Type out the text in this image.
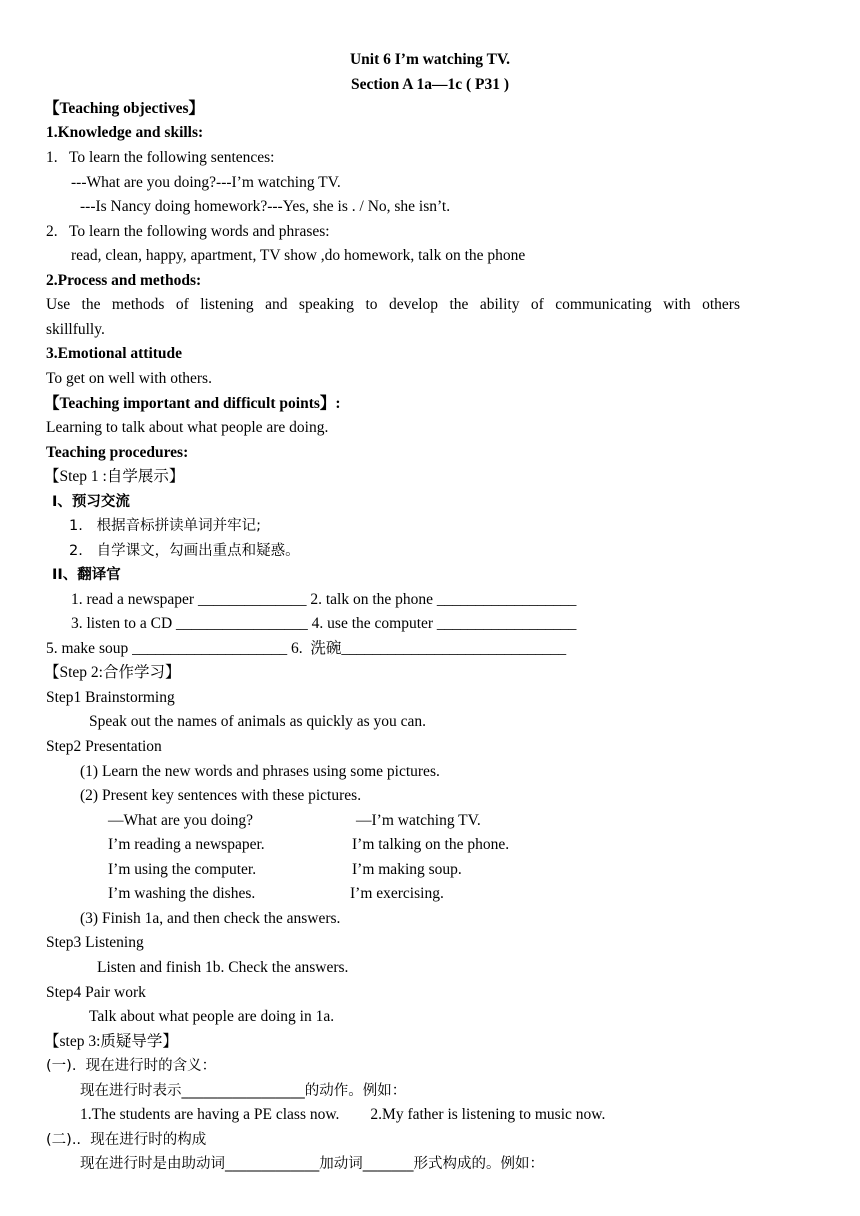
Unit 6 I’m watching TV.
Section A 1a—1c ( P31 )
【Teaching objectives】
1.Knowledge and skills:
1.   To learn the following sentences:
---What are you doing?---I’m watching TV.
---Is Nancy doing homework?---Yes, she is . / No, she isn’t.
2.   To learn the following words and phrases:
read, clean, happy, apartment, TV show ,do homework, talk on the phone
2.Process and methods:
Use the methods of listening and speaking to develop the ability of communicating with others
skillfully.
3.Emotional attitude
To get on well with others.
【Teaching important and difficult points】:
Learning to talk about what people are doing.
Teaching procedures:
【Step 1 :自学展示】
I、预习交流
1.   根据音标拼读单词并牢记;
2.   自学课文，勾画出重点和疑惑。
II、翻译官
1. read a newspaper ______________ 2. talk on the phone __________________
3. listen to a CD _________________ 4. use the computer __________________
5. make soup ____________________ 6.  洗碗_____________________________
【Step 2:合作学习】
Step1 Brainstorming
Speak out the names of animals as quickly as you can.
Step2 Presentation
(1) Learn the new words and phrases using some pictures.
(2) Present key sentences with these pictures.
—What are you doing?	—I’m watching TV.
I’m reading a newspaper.	I’m talking on the phone.
I’m using the computer.	I’m making soup.
I’m washing the dishes.	I’m exercising.
(3) Finish 1a, and then check the answers.
Step3 Listening
Listen and finish 1b. Check the answers.
Step4 Pair work
Talk about what people are doing in 1a.
【step 3:质疑导学】
(一).  现在进行时的含义：
现在进行时表示_________________的动作。例如：
1.The students are having a PE class now.        2.My father is listening to music now.
(二)..  现在进行时的构成
现在进行时是由助动词_____________加动词_______形式构成的。例如：
